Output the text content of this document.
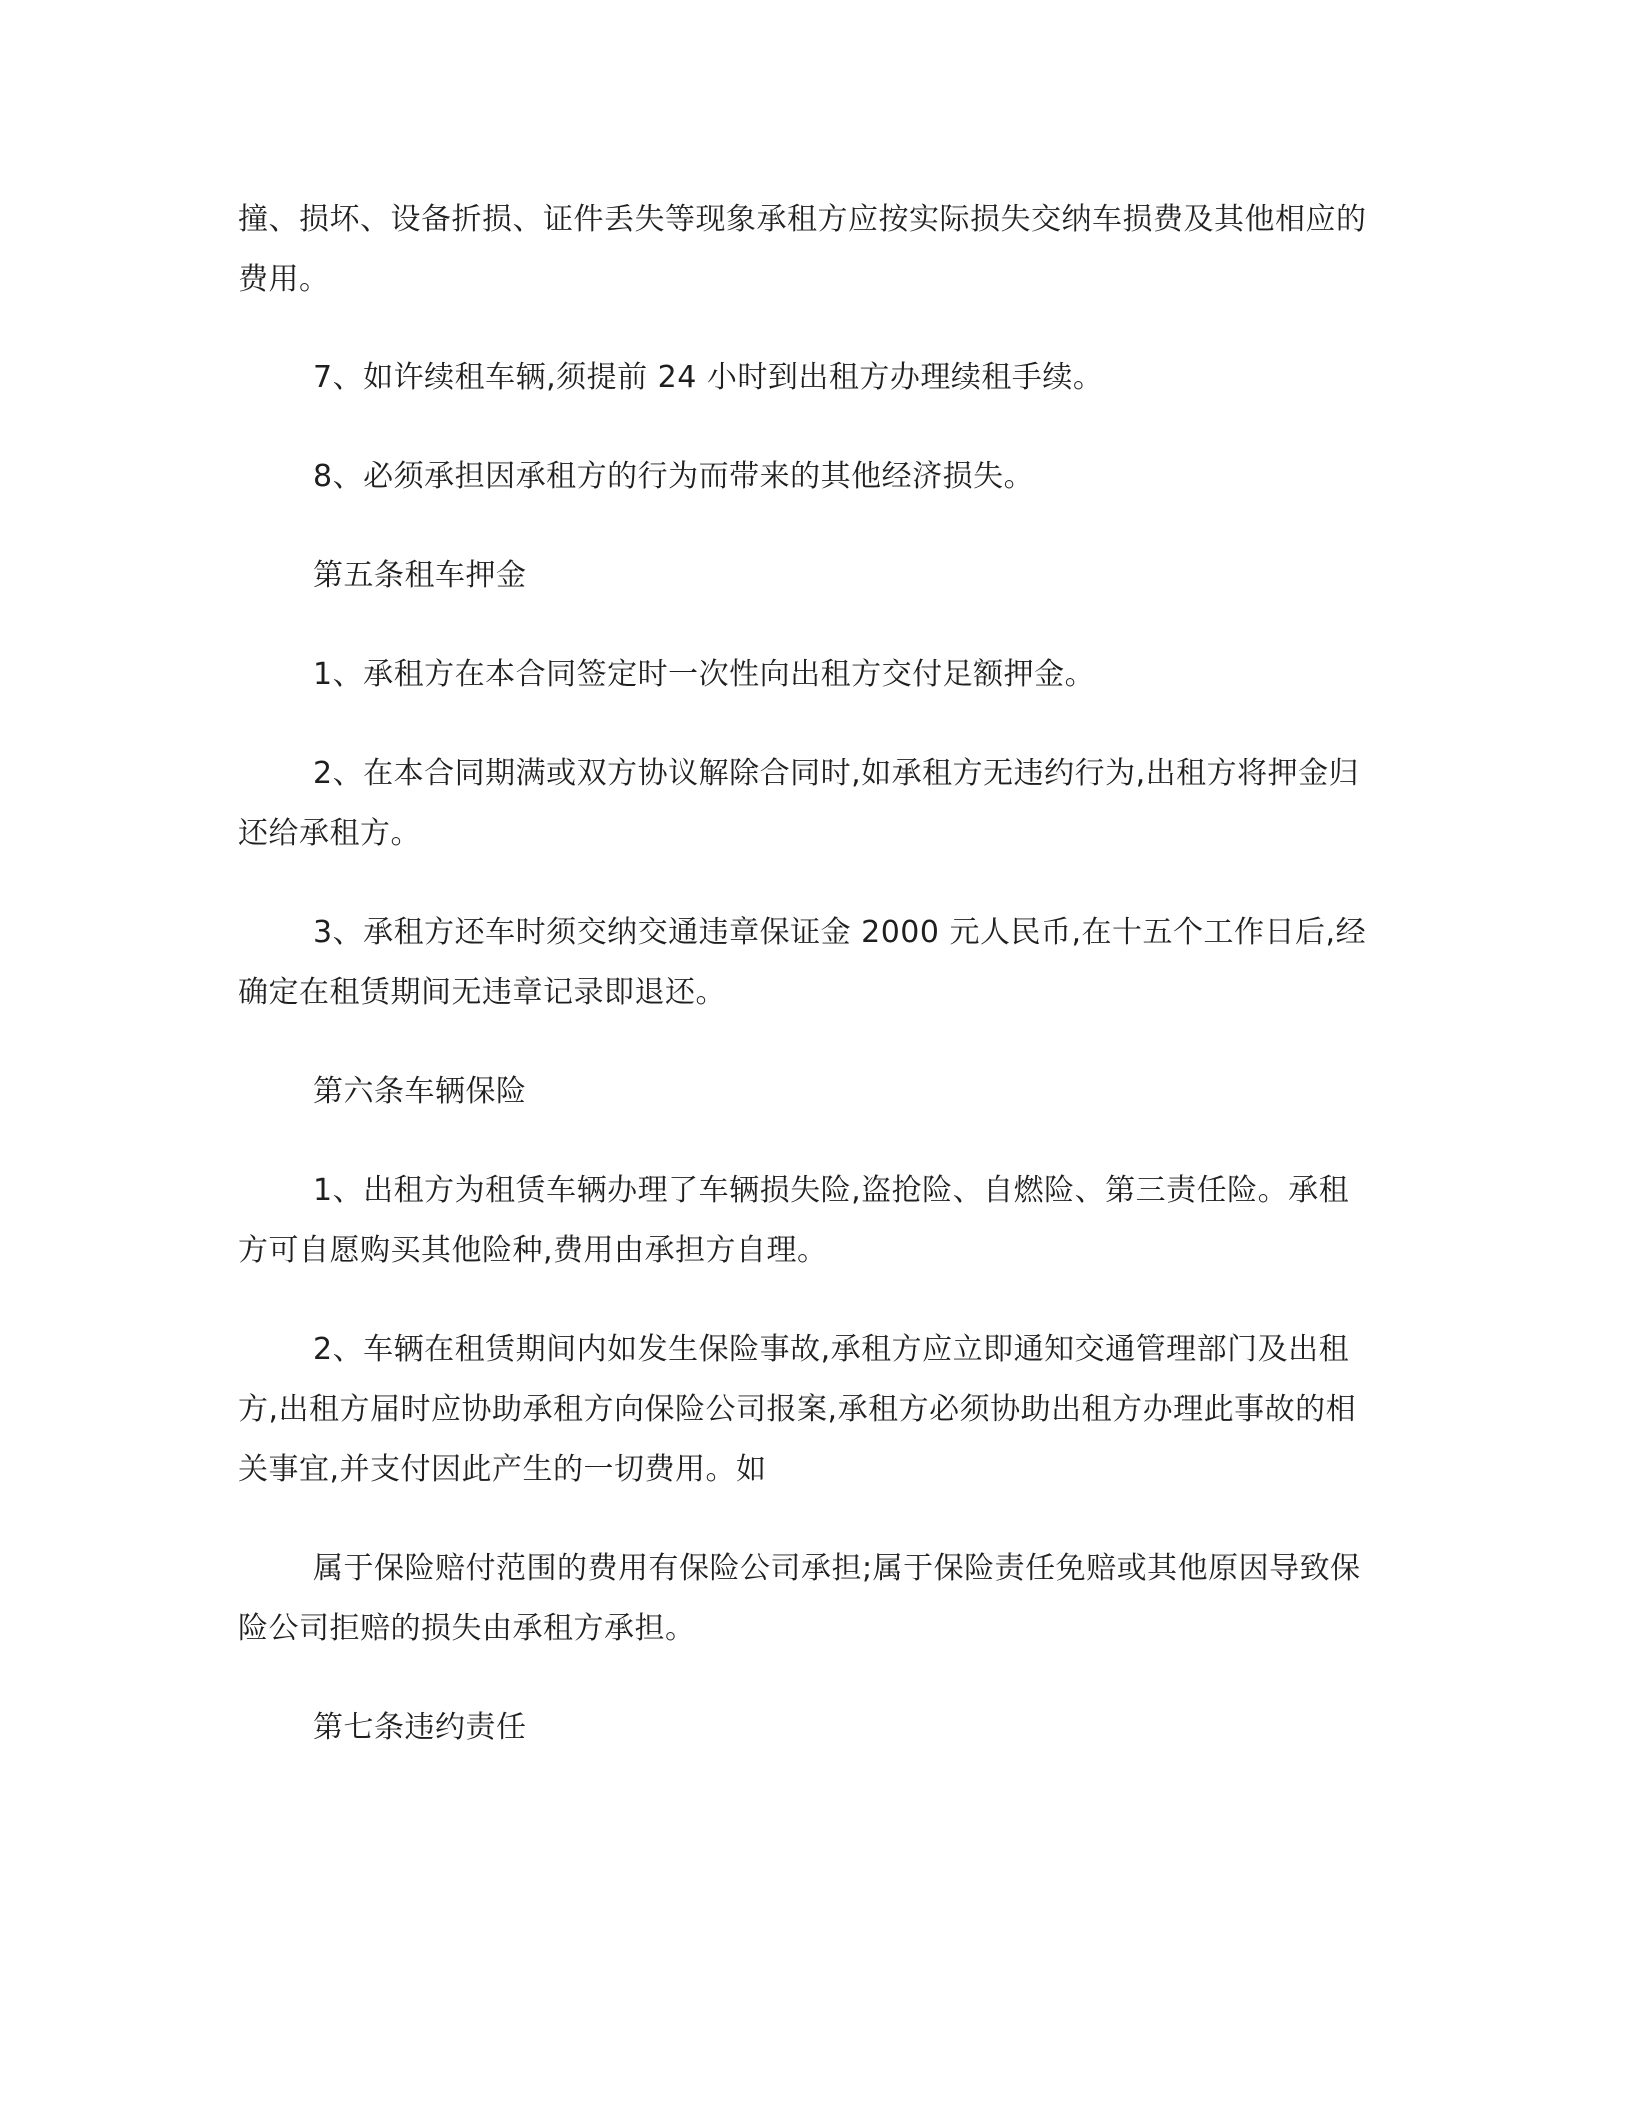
撞、损坏、设备折损、证件丢失等现象承租方应按实际损失交纳车损费及其他相应的费用。

7、如许续租车辆,须提前 24 小时到出租方办理续租手续。

8、必须承担因承租方的行为而带来的其他经济损失。

第五条租车押金

1、承租方在本合同签定时一次性向出租方交付足额押金。

2、在本合同期满或双方协议解除合同时,如承租方无违约行为,出租方将押金归还给承租方。

3、承租方还车时须交纳交通违章保证金 2000 元人民币,在十五个工作日后,经确定在租赁期间无违章记录即退还。

第六条车辆保险

1、出租方为租赁车辆办理了车辆损失险,盗抢险、自燃险、第三责任险。承租方可自愿购买其他险种,费用由承担方自理。

2、车辆在租赁期间内如发生保险事故,承租方应立即通知交通管理部门及出租方,出租方届时应协助承租方向保险公司报案,承租方必须协助出租方办理此事故的相关事宜,并支付因此产生的一切费用。如

属于保险赔付范围的费用有保险公司承担;属于保险责任免赔或其他原因导致保险公司拒赔的损失由承租方承担。

第七条违约责任
